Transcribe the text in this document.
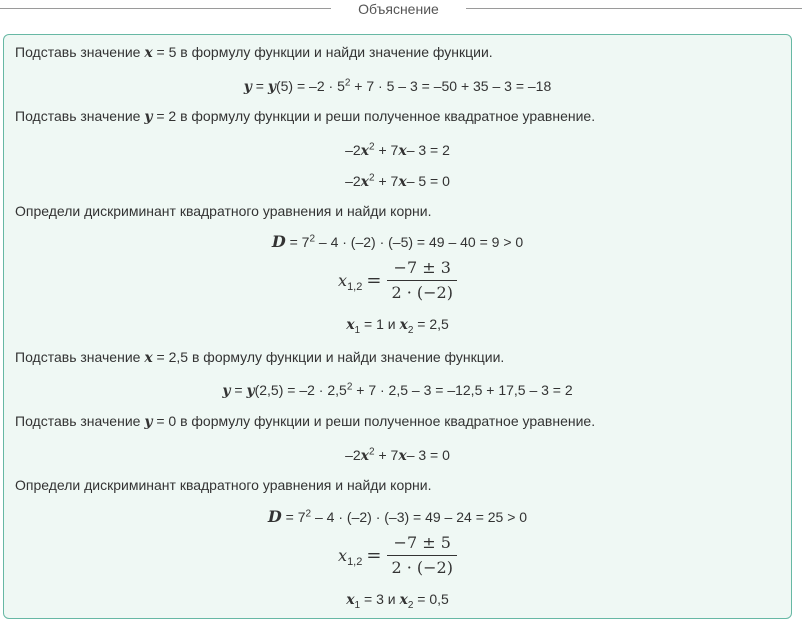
Объяснение
Подставь значение x = 5 в формулу функции и найди значение функции.
$y = y(5) = -2 \cdot 5^2 + 7 \cdot 5 - 3 = -50 + 35 - 3 = -18$
Подставь значение y = 2 в формулу функции и реши полученное квадратное уравнение.
$-2x^2 + 7x-$ 3 = 2
$-2x^2 + 7x-$ 5 = 0
Определи дискриминант квадратного уравнения и найди корни.
$D = 7^2 - 4 \cdot (-2) \cdot (-5) = 49 - 40 = 9 > 0$
$x_{1,2} = \frac{-7 \pm 3}{2 \cdot (-2)}$
$x_1 = 1$ и $x_2 = 2,5$
Подставь значение x = 2,5 в формулу функции и найди значение функции.
$y = y(2,5) = -2 \cdot 2,5^2 + 7 \cdot 2,5 - 3 = -12,5 + 17,5 - 3 = 2$
Подставь значение y = 0 в формулу функции и реши полученное квадратное уравнение.
$-2x^2 + 7x-$ 3 = 0
Определи дискриминант квадратного уравнения и найди корни.
$D = 7^2 - 4 \cdot (-2) \cdot (-3) = 49 - 24 = 25 > 0$
$x_{1,2} = \frac{-7 \pm 5}{2 \cdot (-2)}$
$x_1 = 3$ и $x_2 = 0,5$
